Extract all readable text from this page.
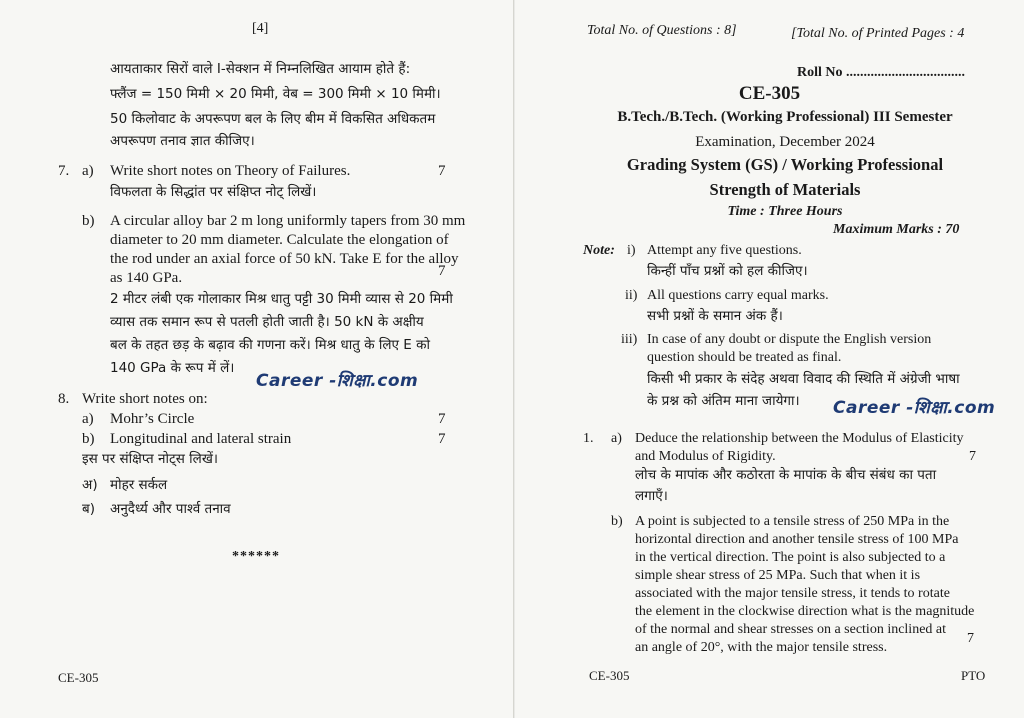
[4]
आयताकार सिरों वाले I-सेक्शन में निम्नलिखित आयाम होते हैं:
फ्लैंज = 150 मिमी × 20 मिमी, वेब = 300 मिमी × 10 मिमी।
50 किलोवाट के अपरूपण बल के लिए बीम में विकसित अधिकतम
अपरूपण तनाव ज्ञात कीजिए।
7. a) Write short notes on Theory of Failures.	7
विफलता के सिद्धांत पर संक्षिप्त नोट् लिखें।
b) A circular alloy bar 2 m long uniformly tapers from 30 mm
diameter to 20 mm diameter. Calculate the elongation of
the rod under an axial force of 50 kN. Take E for the alloy
as 140 GPa.	7
2 मीटर लंबी एक गोलाकार मिश्र धातु पट्टी 30 मिमी व्यास से 20 मिमी
व्यास तक समान रूप से पतली होती जाती है। 50 kN के अक्षीय
बल के तहत छड़ के बढ़ाव की गणना करें। मिश्र धातु के लिए E को
140 GPa के रूप में लें।
Career -शिक्षा.com
8. Write short notes on:
a) Mohr’s Circle	7
b) Longitudinal and lateral strain	7
इस पर संक्षिप्त नोट्स लिखें।
अ) मोहर सर्कल
ब) अनुदैर्ध्य और पार्श्व तनाव
******
CE-305
Total No. of Questions : 8]	[Total No. of Printed Pages : 4
Roll No ..................................
CE-305
B.Tech./B.Tech. (Working Professional) III Semester
Examination, December 2024
Grading System (GS) / Working Professional
Strength of Materials
Time : Three Hours
Maximum Marks : 70
Note: i) Attempt any five questions.
किन्हीं पाँच प्रश्नों को हल कीजिए।
ii) All questions carry equal marks.
सभी प्रश्नों के समान अंक हैं।
iii) In case of any doubt or dispute the English version
question should be treated as final.
किसी भी प्रकार के संदेह अथवा विवाद की स्थिति में अंग्रेजी भाषा
के प्रश्न को अंतिम माना जायेगा। Career -शिक्षा.com
1. a) Deduce the relationship between the Modulus of Elasticity
and Modulus of Rigidity.	7
लोच के मापांक और कठोरता के मापांक के बीच संबंध का पता
लगाएँ।
b) A point is subjected to a tensile stress of 250 MPa in the
horizontal direction and another tensile stress of 100 MPa
in the vertical direction. The point is also subjected to a
simple shear stress of 25 MPa. Such that when it is
associated with the major tensile stress, it tends to rotate
the element in the clockwise direction what is the magnitude
of the normal and shear stresses on a section inclined at
an angle of 20°, with the major tensile stress.
7
CE-305	PTO
